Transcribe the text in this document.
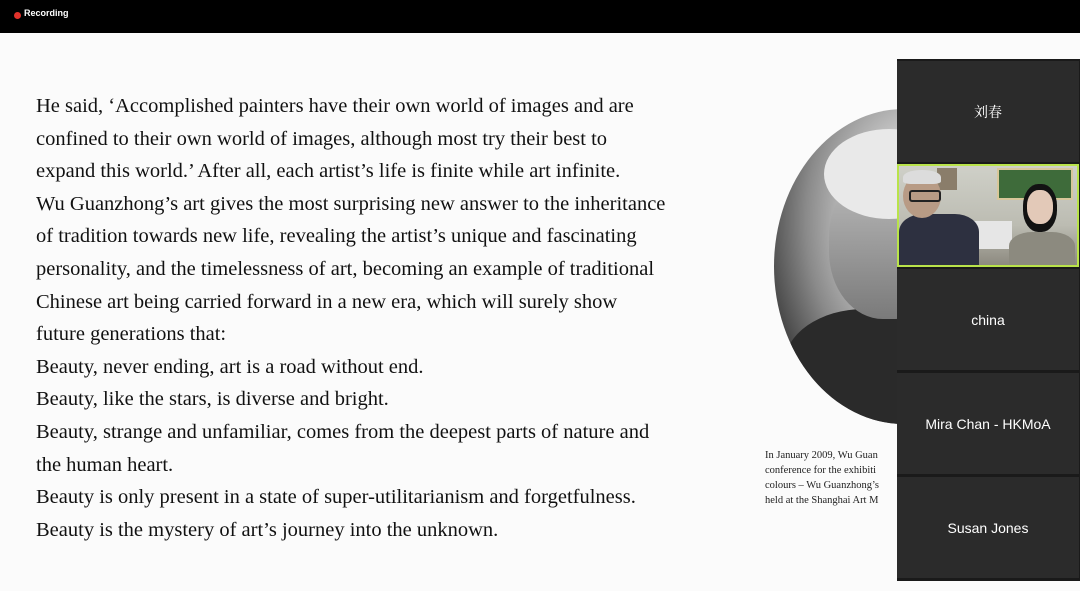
Recording
He said, ‘Accomplished painters have their own world of images and are
confined to their own world of images, although most try their best to
expand this world.’ After all, each artist’s life is finite while art infinite.
Wu Guanzhong’s art gives the most surprising new answer to the inheritance
of tradition towards new life, revealing the artist’s unique and fascinating
personality, and the timelessness of art, becoming an example of traditional
Chinese art being carried forward in a new era, which will surely show
future generations that:
Beauty, never ending, art is a road without end.
Beauty, like the stars, is diverse and bright.
Beauty, strange and unfamiliar, comes from the deepest parts of nature and
the human heart.
Beauty is only present in a state of super-utilitarianism and forgetfulness.
Beauty is the mystery of art’s journey into the unknown.
In January 2009, Wu Guan
conference for the exhibiti
colours – Wu Guanzhong’s
held at the Shanghai Art M
刘春
china
Mira Chan - HKMoA
Susan Jones
